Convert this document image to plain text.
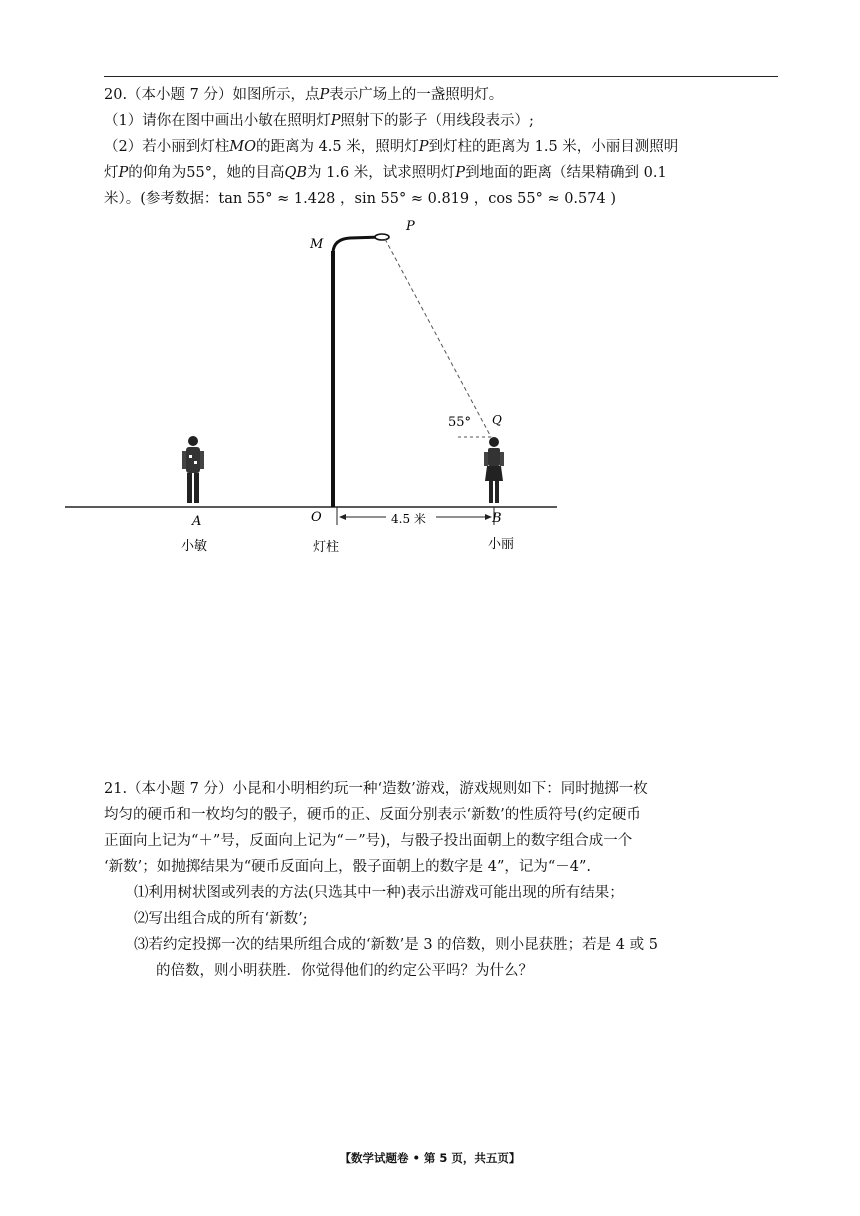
20.（本小题 7 分）如图所示，点P表示广场上的一盏照明灯。

（1）请你在图中画出小敏在照明灯P照射下的影子（用线段表示）;

（2）若小丽到灯柱MO的距离为 4.5 米，照明灯P到灯柱的距离为 1.5 米，小丽目测照明

灯P的仰角为55°，她的目高QB为 1.6 米，试求照明灯P到地面的距离（结果精确到 0.1

米）。(参考数据：tan 55° ≈ 1.428 ，sin 55° ≈ 0.819 ，cos 55° ≈ 0.574 )

M
P
55° Q
A	O	B
4.5 米
小敏	灯柱	小丽

21.（本小题 7 分）小昆和小明相约玩一种‘造数’游戏，游戏规则如下：同时抛掷一枚

均匀的硬币和一枚均匀的骰子，硬币的正、反面分别表示‘新数’的性质符号(约定硬币

正面向上记为“＋”号，反面向上记为“－”号)，与骰子投出面朝上的数字组合成一个

‘新数’；如抛掷结果为“硬币反面向上，骰子面朝上的数字是 4”，记为“－4”.

⑴利用树状图或列表的方法(只选其中一种)表示出游戏可能出现的所有结果；

⑵写出组合成的所有‘新数’;

⑶若约定投掷一次的结果所组合成的‘新数’是 3 的倍数，则小昆获胜；若是 4 或 5

的倍数，则小明获胜．你觉得他们的约定公平吗？为什么？

【数学试题卷 • 第 5 页，共五页】
